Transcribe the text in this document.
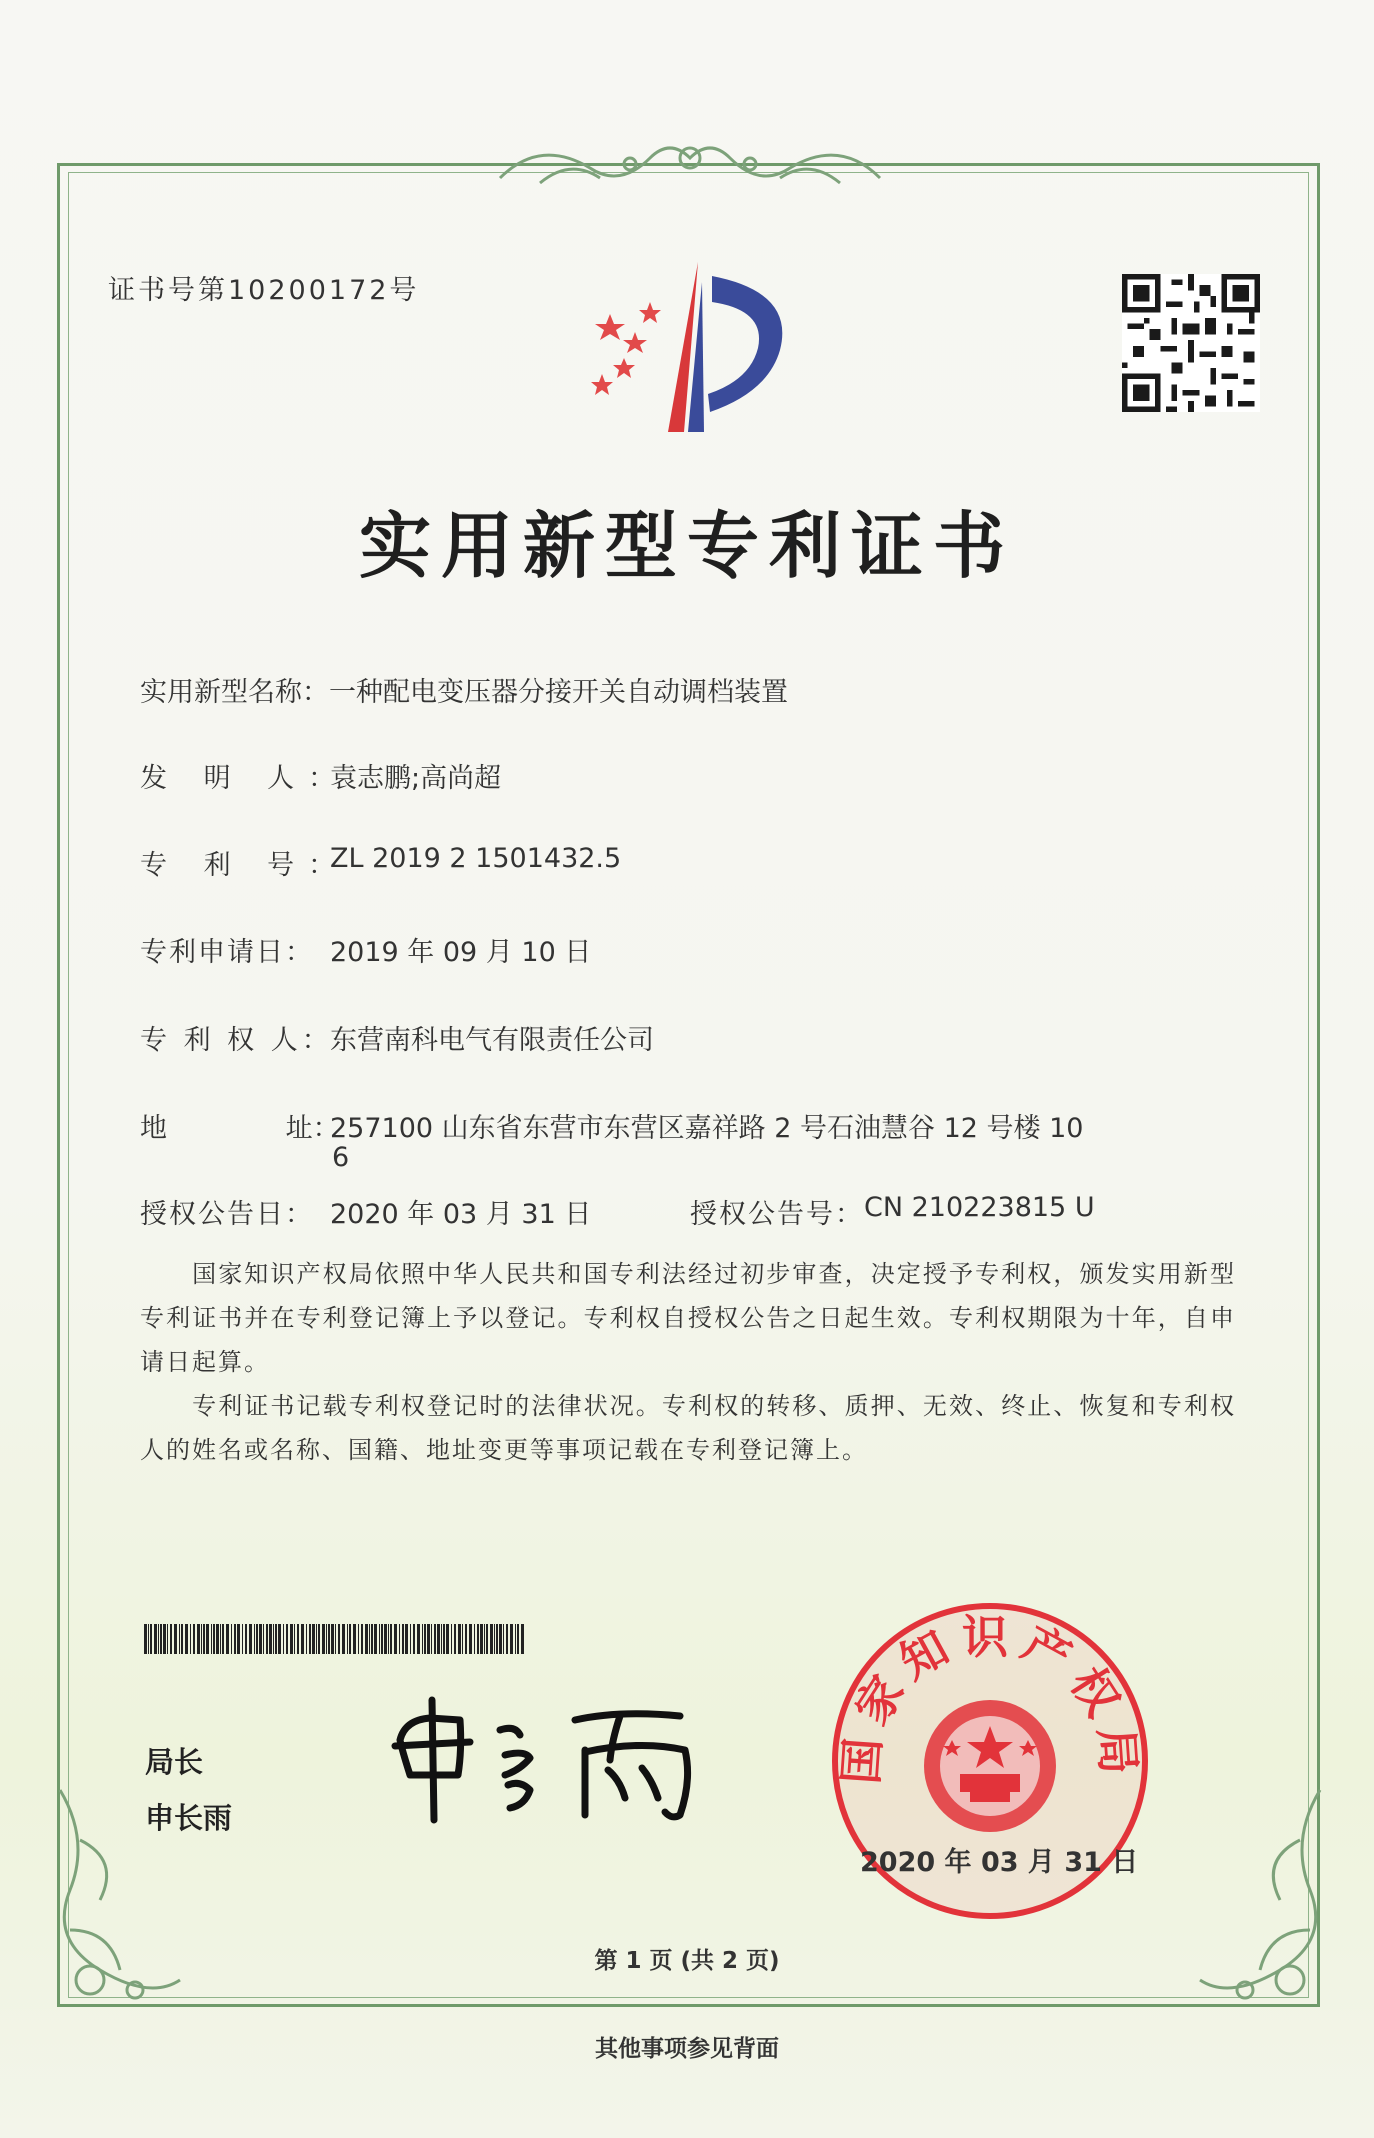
证书号第10200172号
实用新型专利证书
实用新型名称：一种配电变压器分接开关自动调档装置
发 明 人：
袁志鹏;高尚超
专 利 号：
ZL 2019 2 1501432.5
专利申请日： 2019 年 09 月 10 日
专 利 权 人：
东营南科电气有限责任公司
地 址：
257100 山东省东营市东营区嘉祥路 2 号石油慧谷 12 号楼 10
6
授权公告日： 2020 年 03 月 31 日	授权公告号： CN 210223815 U
国家知识产权局依照中华人民共和国专利法经过初步审查，决定授予专利权，颁发实用新型专利证书并在专利登记簿上予以登记。专利权自授权公告之日起生效。专利权期限为十年，自申请日起算。
专利证书记载专利权登记时的法律状况。专利权的转移、质押、无效、终止、恢复和专利权人的姓名或名称、国籍、地址变更等事项记载在专利登记簿上。
局长
申长雨
国家知识产权局
2020 年 03 月 31 日
第 1 页 (共 2 页)
其他事项参见背面
